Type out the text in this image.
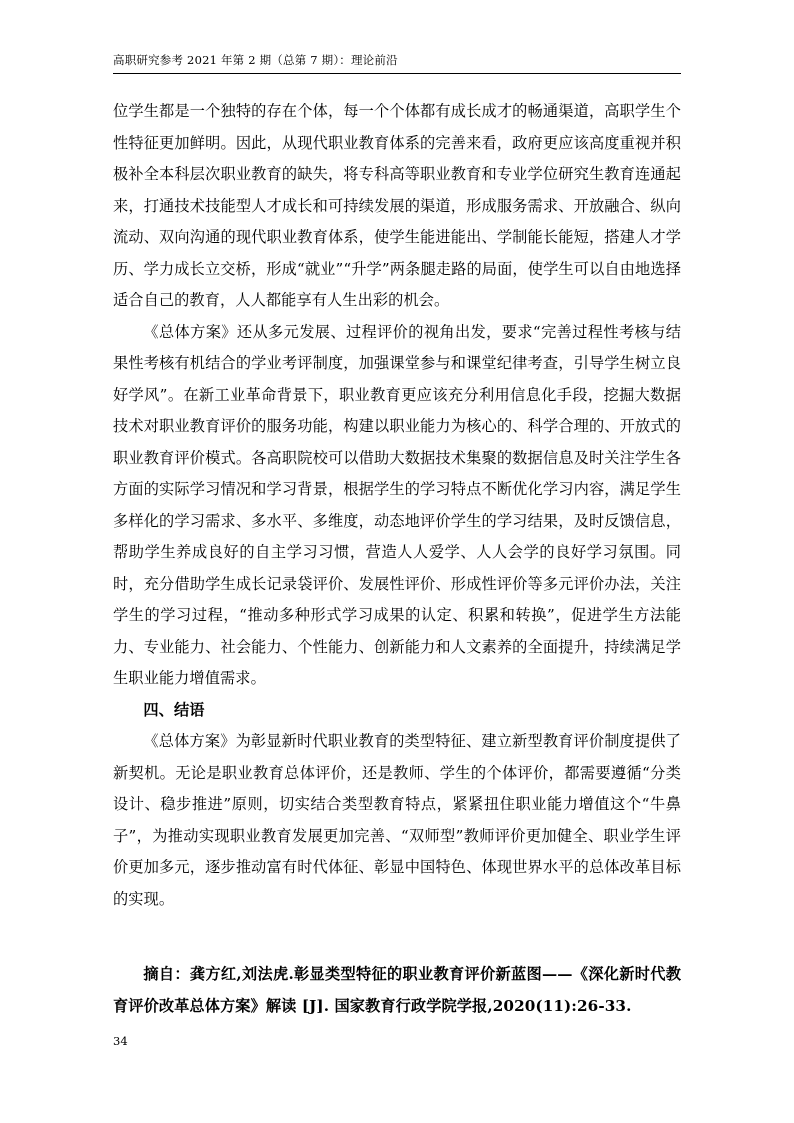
高职研究参考 2021 年第 2 期（总第 7 期）：理论前沿

位学生都是一个独特的存在个体，每一个个体都有成长成才的畅通渠道，高职学生个性特征更加鲜明。因此，从现代职业教育体系的完善来看，政府更应该高度重视并积极补全本科层次职业教育的缺失，将专科高等职业教育和专业学位研究生教育连通起来，打通技术技能型人才成长和可持续发展的渠道，形成服务需求、开放融合、纵向流动、双向沟通的现代职业教育体系，使学生能进能出、学制能长能短，搭建人才学历、学力成长立交桥，形成“就业”“升学”两条腿走路的局面，使学生可以自由地选择适合自己的教育，人人都能享有人生出彩的机会。

《总体方案》还从多元发展、过程评价的视角出发，要求“完善过程性考核与结果性考核有机结合的学业考评制度，加强课堂参与和课堂纪律考查，引导学生树立良好学风”。在新工业革命背景下，职业教育更应该充分利用信息化手段，挖掘大数据技术对职业教育评价的服务功能，构建以职业能力为核心的、科学合理的、开放式的职业教育评价模式。各高职院校可以借助大数据技术集聚的数据信息及时关注学生各方面的实际学习情况和学习背景，根据学生的学习特点不断优化学习内容，满足学生多样化的学习需求、多水平、多维度，动态地评价学生的学习结果，及时反馈信息，帮助学生养成良好的自主学习习惯，营造人人爱学、人人会学的良好学习氛围。同时，充分借助学生成长记录袋评价、发展性评价、形成性评价等多元评价办法，关注学生的学习过程，“推动多种形式学习成果的认定、积累和转换”，促进学生方法能力、专业能力、社会能力、个性能力、创新能力和人文素养的全面提升，持续满足学生职业能力增值需求。

四、结语

《总体方案》为彰显新时代职业教育的类型特征、建立新型教育评价制度提供了新契机。无论是职业教育总体评价，还是教师、学生的个体评价，都需要遵循“分类设计、稳步推进”原则，切实结合类型教育特点，紧紧扭住职业能力增值这个“牛鼻子”，为推动实现职业教育发展更加完善、“双师型”教师评价更加健全、职业学生评价更加多元，逐步推动富有时代体征、彰显中国特色、体现世界水平的总体改革目标的实现。

摘自：龚方红,刘法虎.彰显类型特征的职业教育评价新蓝图——《深化新时代教育评价改革总体方案》解读 [J]. 国家教育行政学院学报,2020(11):26-33.

34
